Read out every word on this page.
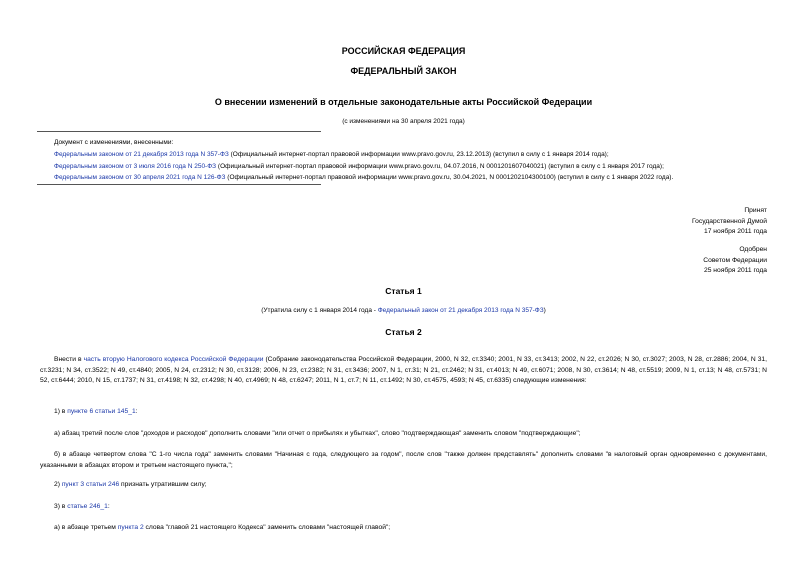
РОССИЙСКАЯ ФЕДЕРАЦИЯ
ФЕДЕРАЛЬНЫЙ ЗАКОН
О внесении изменений в отдельные законодательные акты Российской Федерации
(с изменениями на 30 апреля 2021 года)
Документ с изменениями, внесенными:
Федеральным законом от 21 декабря 2013 года N 357-ФЗ (Официальный интернет-портал правовой информации www.pravo.gov.ru, 23.12.2013) (вступил в силу с 1 января 2014 года);
Федеральным законом от 3 июля 2016 года N 250-ФЗ (Официальный интернет-портал правовой информации www.pravo.gov.ru, 04.07.2016, N 0001201607040021) (вступил в силу с 1 января 2017 года);
Федеральным законом от 30 апреля 2021 года N 126-ФЗ (Официальный интернет-портал правовой информации www.pravo.gov.ru, 30.04.2021, N 0001202104300100) (вступил в силу с 1 января 2022 года).
Принят
Государственной Думой
17 ноября 2011 года
Одобрен
Советом Федерации
25 ноября 2011 года
Статья 1
(Утратила силу с 1 января 2014 года - Федеральный закон от 21 декабря 2013 года N 357-ФЗ)
Статья 2
Внести в часть вторую Налогового кодекса Российской Федерации (Собрание законодательства Российской Федерации, 2000, N 32, ст.3340; 2001, N 33, ст.3413; 2002, N 22, ст.2026; N 30, ст.3027; 2003, N 28, ст.2886; 2004, N 31, ст.3231; N 34, ст.3522; N 49, ст.4840; 2005, N 24, ст.2312; N 30, ст.3128; 2006, N 23, ст.2382; N 31, ст.3436; 2007, N 1, ст.31; N 21, ст.2462; N 31, ст.4013; N 49, ст.6071; 2008, N 30, ст.3614; N 48, ст.5519; 2009, N 1, ст.13; N 48, ст.5731; N 52, ст.6444; 2010, N 15, ст.1737; N 31, ст.4198; N 32, ст.4298; N 40, ст.4969; N 48, ст.6247; 2011, N 1, ст.7; N 11, ст.1492; N 30, ст.4575, 4593; N 45, ст.6335) следующие изменения:
1) в пункте 6 статьи 145_1:
а) абзац третий после слов "доходов и расходов" дополнить словами "или отчет о прибылях и убытках", слово "подтверждающая" заменить словом "подтверждающие";
б) в абзаце четвертом слова "С 1-го числа года" заменить словами "Начиная с года, следующего за годом", после слов "также должен представлять" дополнить словами "в налоговый орган одновременно с документами, указанными в абзацах втором и третьем настоящего пункта,";
2) пункт 3 статьи 246 признать утратившим силу;
3) в статье 246_1:
а) в абзаце третьем пункта 2 слова "главой 21 настоящего Кодекса" заменить словами "настоящей главой";
